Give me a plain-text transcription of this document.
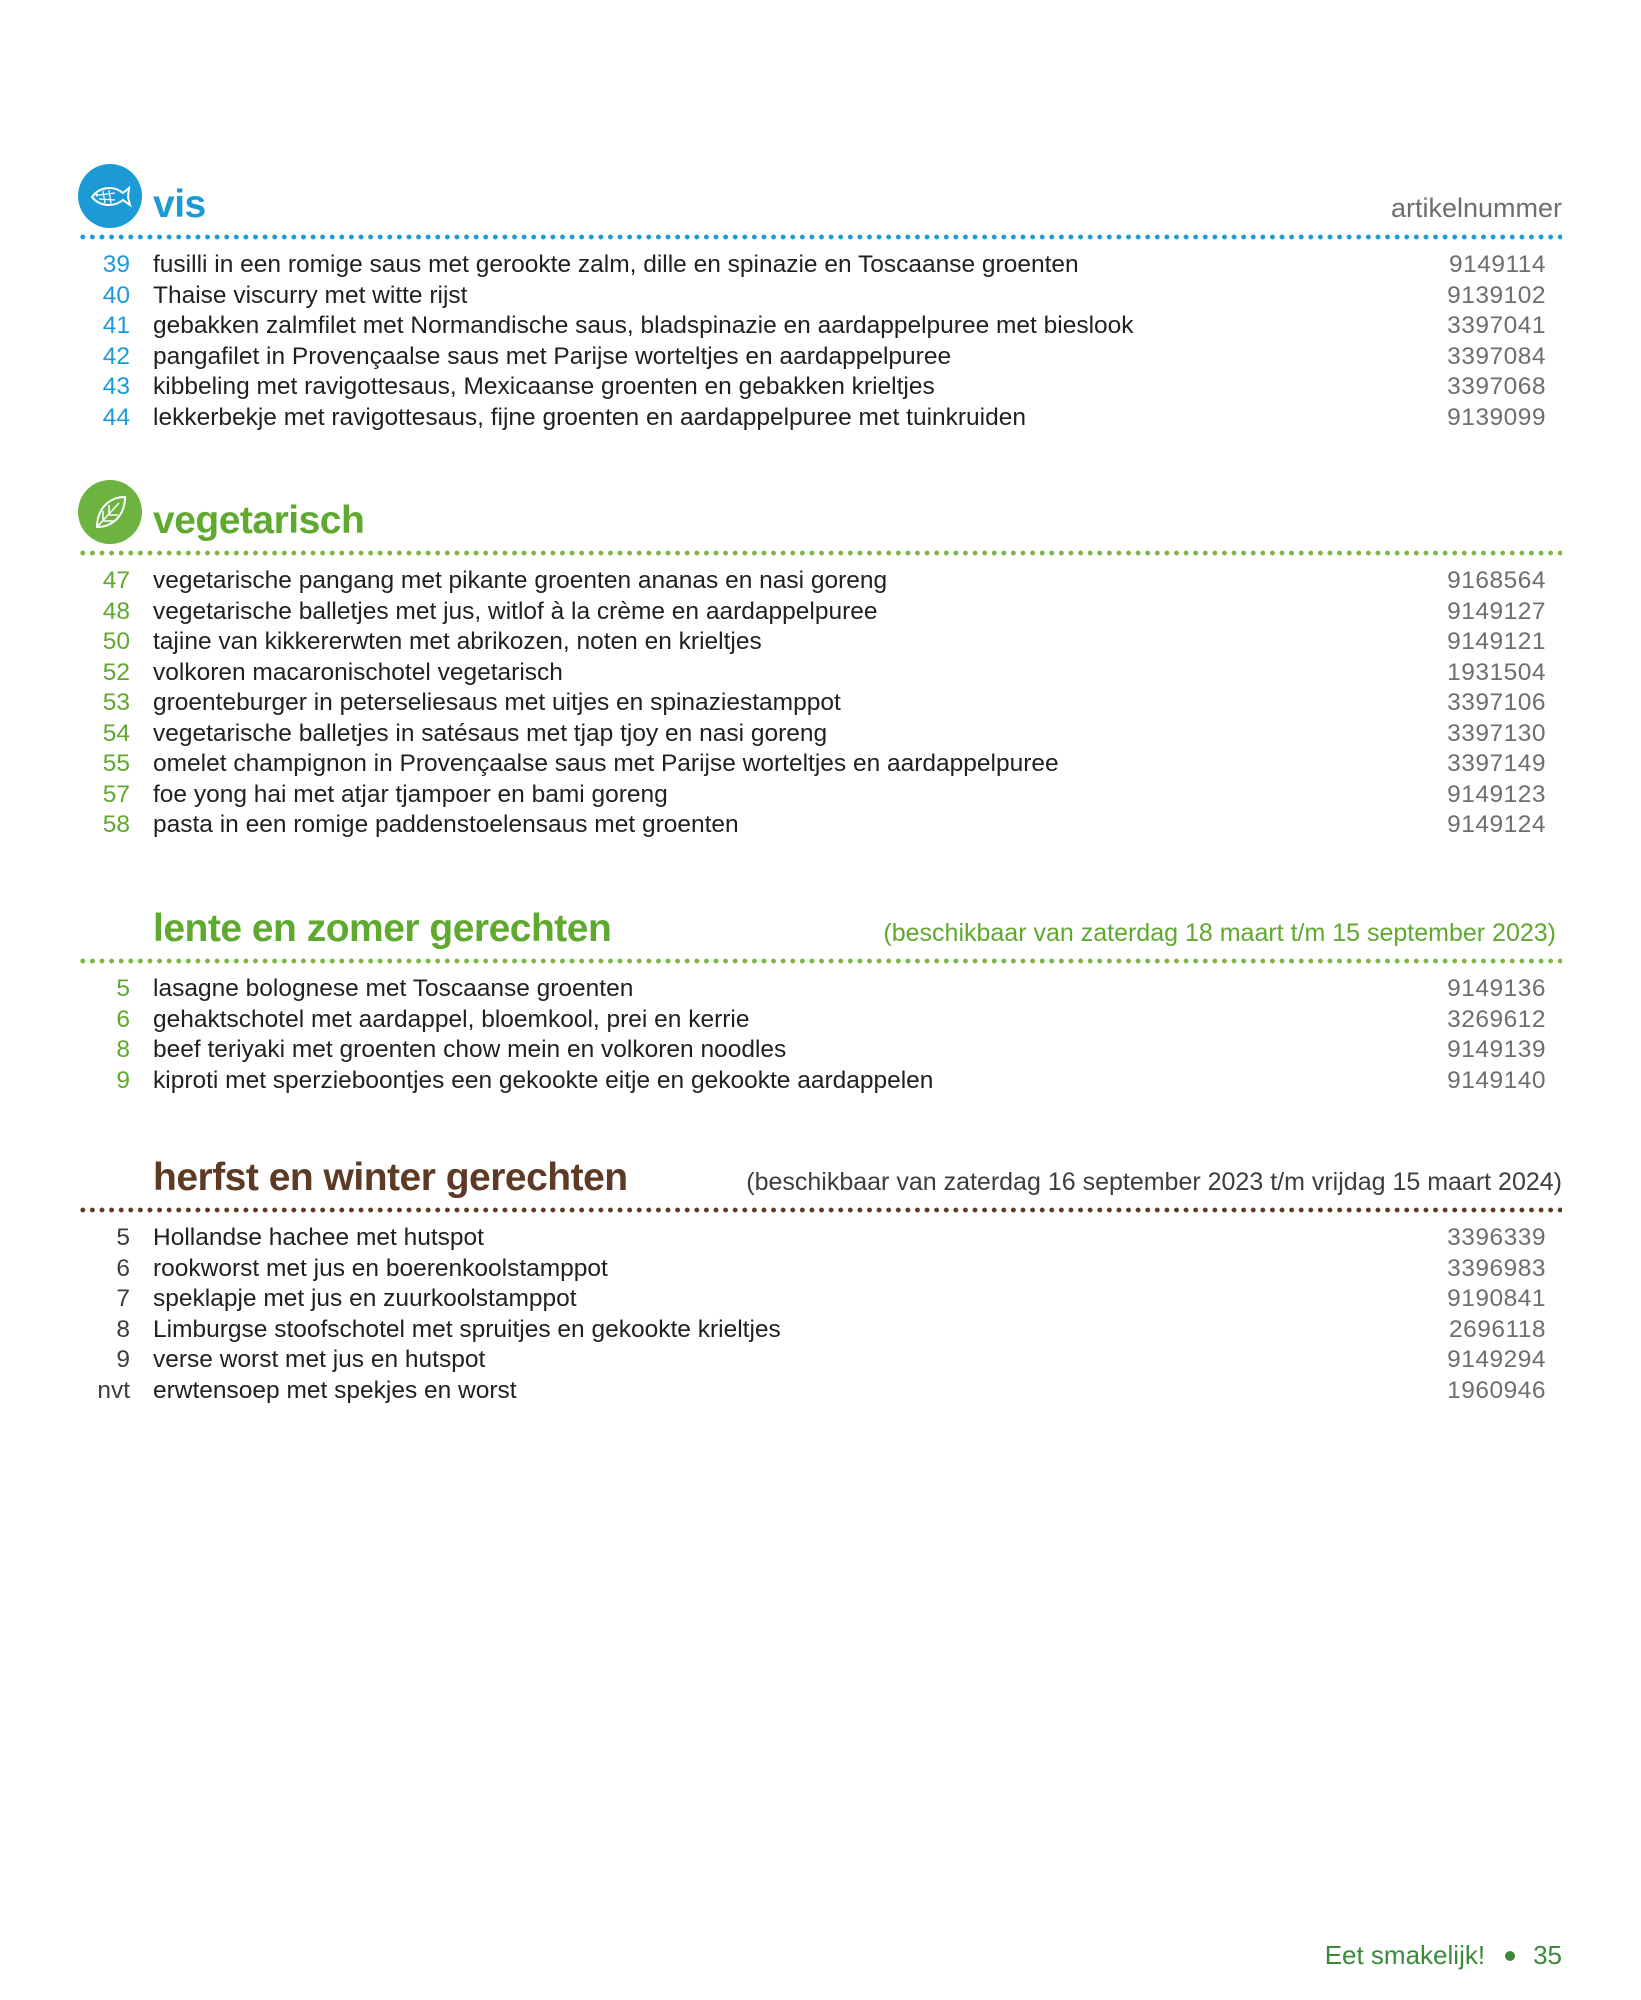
vis	artikelnummer
39 fusilli in een romige saus met gerookte zalm, dille en spinazie en Toscaanse groenten	9149114
40 Thaise viscurry met witte rijst	9139102
41 gebakken zalmfilet met Normandische saus, bladspinazie en aardappelpuree met bieslook	3397041
42 pangafilet in Provençaalse saus met Parijse worteltjes en aardappelpuree	3397084
43 kibbeling met ravigottesaus, Mexicaanse groenten en gebakken krieltjes	3397068
44 lekkerbekje met ravigottesaus, fijne groenten en aardappelpuree met tuinkruiden	9139099
vegetarisch
47 vegetarische pangang met pikante groenten ananas en nasi goreng	9168564
48 vegetarische balletjes met jus, witlof à la crème en aardappelpuree	9149127
50 tajine van kikkererwten met abrikozen, noten en krieltjes	9149121
52 volkoren macaronischotel vegetarisch	1931504
53 groenteburger in peterseliesaus met uitjes en spinaziestamppot	3397106
54 vegetarische balletjes in satésaus met tjap tjoy en nasi goreng	3397130
55 omelet champignon in Provençaalse saus met Parijse worteltjes en aardappelpuree	3397149
57 foe yong hai met atjar tjampoer en bami goreng	9149123
58 pasta in een romige paddenstoelensaus met groenten	9149124
lente en zomer gerechten	(beschikbaar van zaterdag 18 maart t/m 15 september 2023)
5 lasagne bolognese met Toscaanse groenten	9149136
6 gehaktschotel met aardappel, bloemkool, prei en kerrie	3269612
8 beef teriyaki met groenten chow mein en volkoren noodles	9149139
9 kiproti met sperzieboontjes een gekookte eitje en gekookte aardappelen	9149140
herfst en winter gerechten	(beschikbaar van zaterdag 16 september 2023 t/m vrijdag 15 maart 2024)
5 Hollandse hachee met hutspot	3396339
6 rookworst met jus en boerenkoolstamppot	3396983
7 speklapje met jus en zuurkoolstamppot	9190841
8 Limburgse stoofschotel met spruitjes en gekookte krieltjes	2696118
9 verse worst met jus en hutspot	9149294
nvt erwtensoep met spekjes en worst	1960946
Eet smakelijk! 35
